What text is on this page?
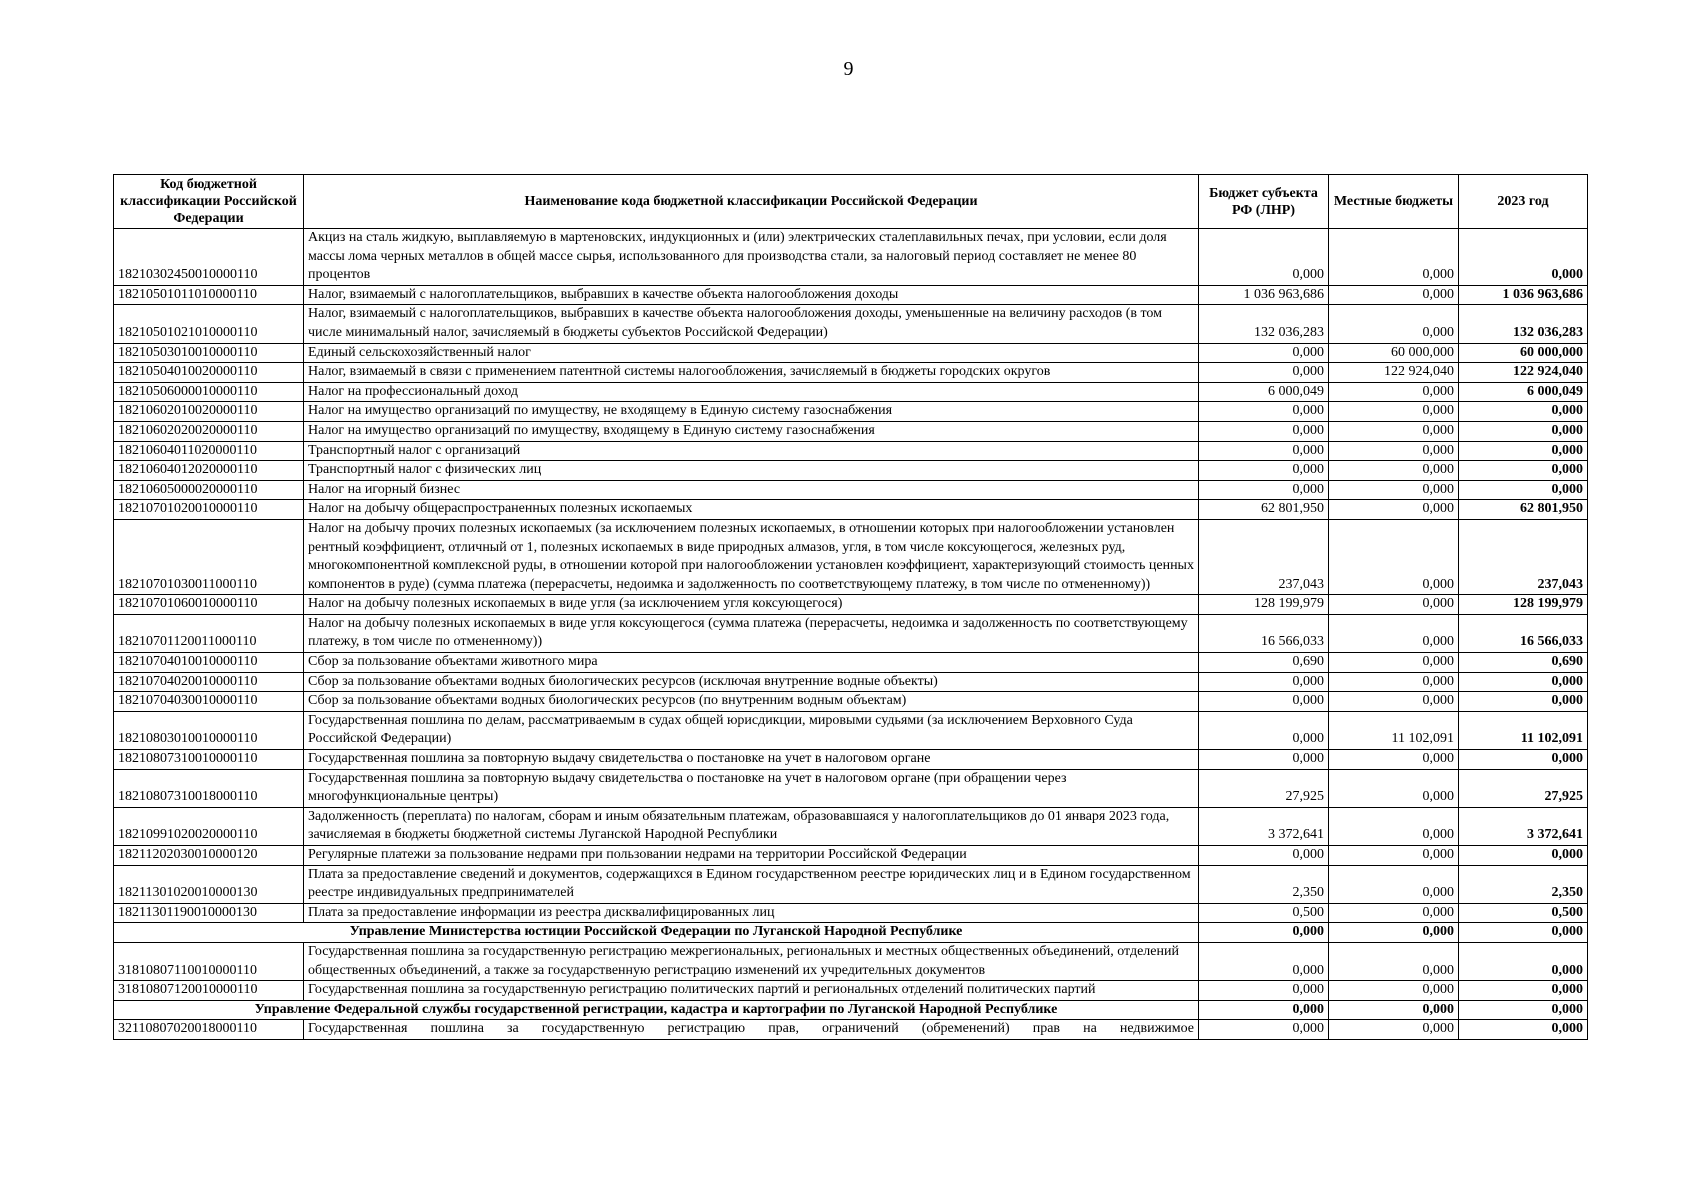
9
Код бюджетной классификации Российской Федерации	Наименование кода бюджетной классификации Российской Федерации	Бюджет субъекта РФ (ЛНР)	Местные бюджеты	2023 год
18210302450010000110	Акциз на сталь жидкую, выплавляемую в мартеновских, индукционных и (или) электрических сталеплавильных печах, при условии, если доля массы лома черных металлов в общей массе сырья, использованного для производства стали, за налоговый период составляет не менее 80 процентов	0,000	0,000	0,000
18210501011010000110	Налог, взимаемый с налогоплательщиков, выбравших в качестве объекта налогообложения доходы	1 036 963,686	0,000	1 036 963,686
18210501021010000110	Налог, взимаемый с налогоплательщиков, выбравших в качестве объекта налогообложения доходы, уменьшенные на величину расходов (в том числе минимальный налог, зачисляемый в бюджеты субъектов Российской Федерации)	132 036,283	0,000	132 036,283
18210503010010000110	Единый сельскохозяйственный налог	0,000	60 000,000	60 000,000
18210504010020000110	Налог, взимаемый в связи с применением патентной системы налогообложения, зачисляемый в бюджеты городских округов	0,000	122 924,040	122 924,040
18210506000010000110	Налог на профессиональный доход	6 000,049	0,000	6 000,049
18210602010020000110	Налог на имущество организаций по имуществу, не входящему в Единую систему газоснабжения	0,000	0,000	0,000
18210602020020000110	Налог на имущество организаций по имуществу, входящему в Единую систему газоснабжения	0,000	0,000	0,000
18210604011020000110	Транспортный налог с организаций	0,000	0,000	0,000
18210604012020000110	Транспортный налог с физических лиц	0,000	0,000	0,000
18210605000020000110	Налог на игорный бизнес	0,000	0,000	0,000
18210701020010000110	Налог на добычу общераспространенных полезных ископаемых	62 801,950	0,000	62 801,950
18210701030011000110	Налог на добычу прочих полезных ископаемых (за исключением полезных ископаемых, в отношении которых при налогообложении установлен рентный коэффициент, отличный от 1, полезных ископаемых в виде природных алмазов, угля, в том числе коксующегося, железных руд, многокомпонентной комплексной руды, в отношении которой при налогообложении установлен коэффициент, характеризующий стоимость ценных компонентов в руде) (сумма платежа (перерасчеты, недоимка и задолженность по соответствующему платежу, в том числе по отмененному))	237,043	0,000	237,043
18210701060010000110	Налог на добычу полезных ископаемых в виде угля (за исключением угля коксующегося)	128 199,979	0,000	128 199,979
18210701120011000110	Налог на добычу полезных ископаемых в виде угля коксующегося (сумма платежа (перерасчеты, недоимка и задолженность по соответствующему платежу, в том числе по отмененному))	16 566,033	0,000	16 566,033
18210704010010000110	Сбор за пользование объектами животного мира	0,690	0,000	0,690
18210704020010000110	Сбор за пользование объектами водных биологических ресурсов (исключая внутренние водные объекты)	0,000	0,000	0,000
18210704030010000110	Сбор за пользование объектами водных биологических ресурсов (по внутренним водным объектам)	0,000	0,000	0,000
18210803010010000110	Государственная пошлина по делам, рассматриваемым в судах общей юрисдикции, мировыми судьями (за исключением Верховного Суда Российской Федерации)	0,000	11 102,091	11 102,091
18210807310010000110	Государственная пошлина за повторную выдачу свидетельства о постановке на учет в налоговом органе	0,000	0,000	0,000
18210807310018000110	Государственная пошлина за повторную выдачу свидетельства о постановке на учет в налоговом органе (при обращении через многофункциональные центры)	27,925	0,000	27,925
18210991020020000110	Задолженность (переплата) по налогам, сборам и иным обязательным платежам, образовавшаяся у налогоплательщиков до 01 января 2023 года, зачисляемая в бюджеты бюджетной системы Луганской Народной Республики	3 372,641	0,000	3 372,641
18211202030010000120	Регулярные платежи за пользование недрами при пользовании недрами на территории Российской Федерации	0,000	0,000	0,000
18211301020010000130	Плата за предоставление сведений и документов, содержащихся в Едином государственном реестре юридических лиц и в Едином государственном реестре индивидуальных предпринимателей	2,350	0,000	2,350
18211301190010000130	Плата за предоставление информации из реестра дисквалифицированных лиц	0,500	0,000	0,500
Управление Министерства юстиции Российской Федерации по Луганской Народной Республике		0,000	0,000	0,000
31810807110010000110	Государственная пошлина за государственную регистрацию межрегиональных, региональных и местных общественных объединений, отделений общественных объединений, а также за государственную регистрацию изменений их учредительных документов	0,000	0,000	0,000
31810807120010000110	Государственная пошлина за государственную регистрацию политических партий и региональных отделений политических партий	0,000	0,000	0,000
Управление Федеральной службы государственной регистрации, кадастра и картографии по Луганской Народной Республике		0,000	0,000	0,000
32110807020018000110	Государственная пошлина за государственную регистрацию прав, ограничений (обременений) прав на недвижимое	0,000	0,000	0,000
